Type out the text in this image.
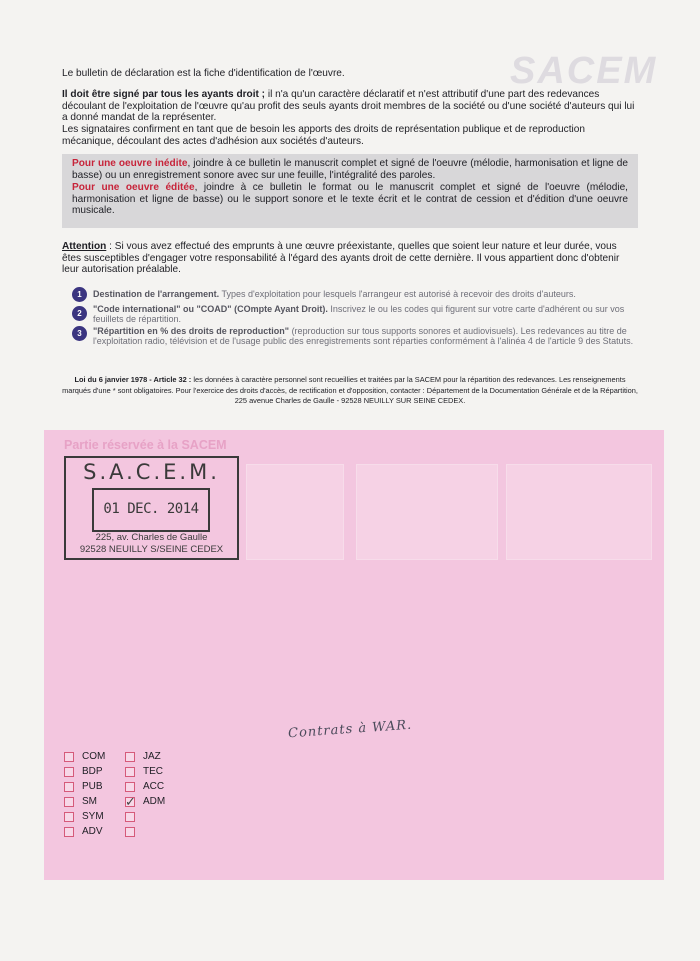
SACEM
Le bulletin de déclaration est la fiche d'identification de l'œuvre.
Il doit être signé par tous les ayants droit ; il n'a qu'un caractère déclaratif et n'est attributif d'une part des redevances découlant de l'exploitation de l'œuvre qu'au profit des seuls ayants droit membres de la société ou d'une société d'auteurs qui lui a donné mandat de la représenter.
Les signataires confirment en tant que de besoin les apports des droits de représentation publique et de reproduction mécanique, découlant des actes d'adhésion aux sociétés d'auteurs.

Pour une oeuvre inédite, joindre à ce bulletin le manuscrit complet et signé de l'oeuvre (mélodie, harmonisation et ligne de basse) ou un enregistrement sonore avec sur une feuille, l'intégralité des paroles.

Pour une oeuvre éditée, joindre à ce bulletin le format ou le manuscrit complet et signé de l'oeuvre (mélodie, harmonisation et ligne de basse) ou le support sonore et le texte écrit et le contrat de cession et d'édition d'une oeuvre musicale.

Attention : Si vous avez effectué des emprunts à une œuvre préexistante, quelles que soient leur nature et leur durée, vous êtes susceptibles d'engager votre responsabilité à l'égard des ayants droit de cette dernière. Il vous appartient donc d'obtenir leur autorisation préalable.
1	Destination de l'arrangement. Types d'exploitation pour lesquels l'arrangeur est autorisé à recevoir des droits d'auteurs.
2	"Code international" ou "COAD" (COmpte Ayant Droit). Inscrivez le ou les codes qui figurent sur votre carte d'adhérent ou sur vos feuillets de répartition.
3	"Répartition en % des droits de reproduction" (reproduction sur tous supports sonores et audiovisuels). Les redevances au titre de l'exploitation radio, télévision et de l'usage public des enregistrements sont réparties conformément à l'alinéa 4 de l'article 9 des Statuts.
Loi du 6 janvier 1978 - Article 32 : les données à caractère personnel sont recueillies et traitées par la SACEM pour la répartition des redevances. Les renseignements marqués d'une * sont obligatoires. Pour l'exercice des droits d'accès, de rectification et d'opposition, contacter : Département de la Documentation Générale et de la Répartition, 225 avenue Charles de Gaulle - 92528 NEUILLY SUR SEINE CEDEX.
Partie réservée à la SACEM
S.A.C.E.M.
01 DEC. 2014
225, av. Charles de Gaulle
92528 NEUILLY S/SEINE CEDEX
Contrats à WAR.
COM
BDP
PUB
SM
SYM
ADV
JAZ
TEC
ACC
✓ ADM
